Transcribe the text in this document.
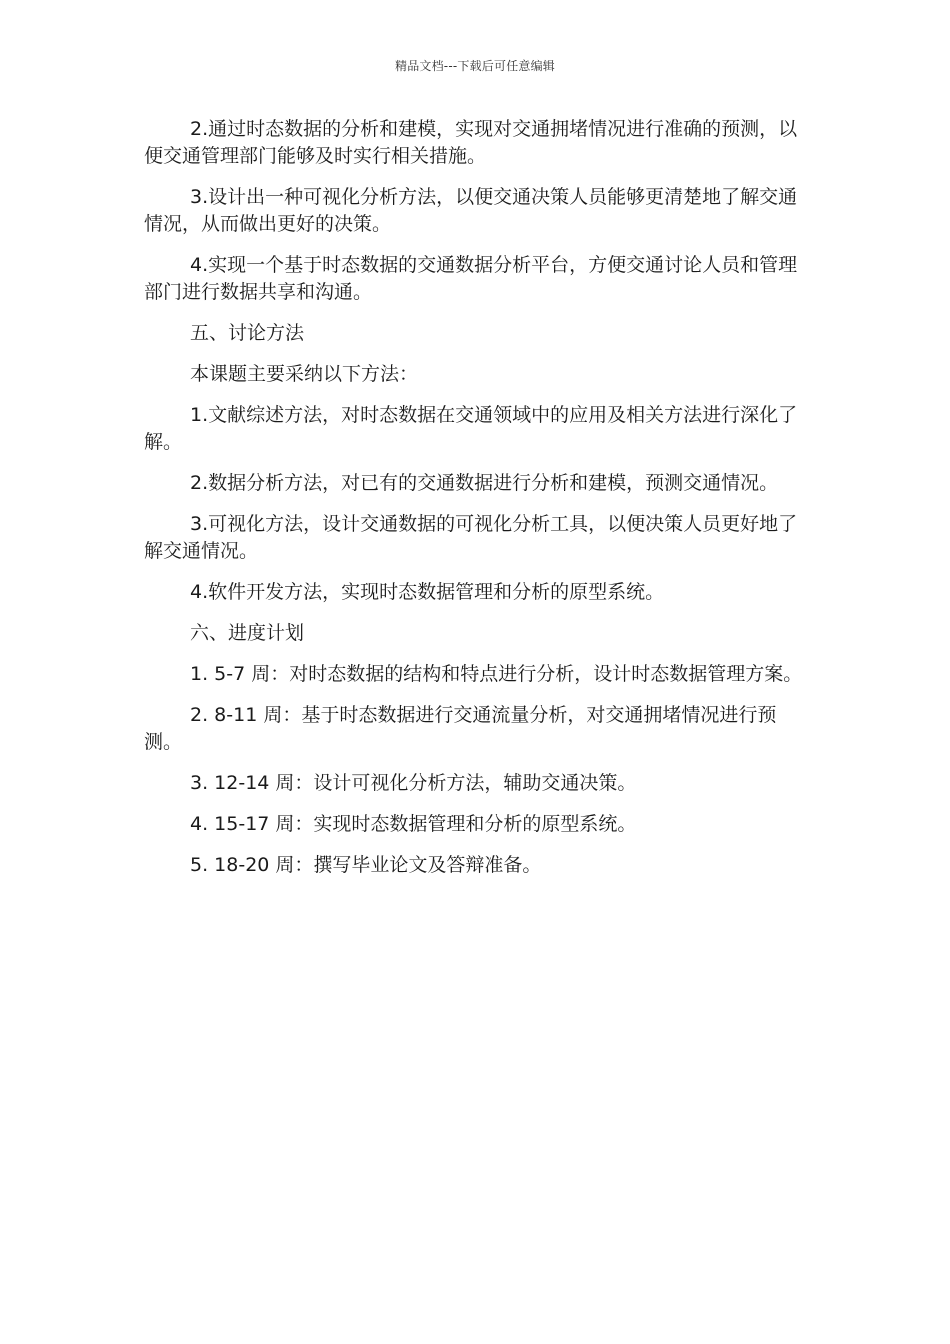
精品文档---下载后可任意编辑

2.通过时态数据的分析和建模，实现对交通拥堵情况进行准确的预测，以便交通管理部门能够及时实行相关措施。

3.设计出一种可视化分析方法，以便交通决策人员能够更清楚地了解交通情况，从而做出更好的决策。

4.实现一个基于时态数据的交通数据分析平台，方便交通讨论人员和管理部门进行数据共享和沟通。

五、讨论方法

本课题主要采纳以下方法：

1.文献综述方法，对时态数据在交通领域中的应用及相关方法进行深化了解。

2.数据分析方法，对已有的交通数据进行分析和建模，预测交通情况。

3.可视化方法，设计交通数据的可视化分析工具，以便决策人员更好地了解交通情况。

4.软件开发方法，实现时态数据管理和分析的原型系统。

六、进度计划

1. 5-7 周：对时态数据的结构和特点进行分析，设计时态数据管理方案。

2. 8-11 周：基于时态数据进行交通流量分析，对交通拥堵情况进行预测。

3. 12-14 周：设计可视化分析方法，辅助交通决策。

4. 15-17 周：实现时态数据管理和分析的原型系统。

5. 18-20 周：撰写毕业论文及答辩准备。
